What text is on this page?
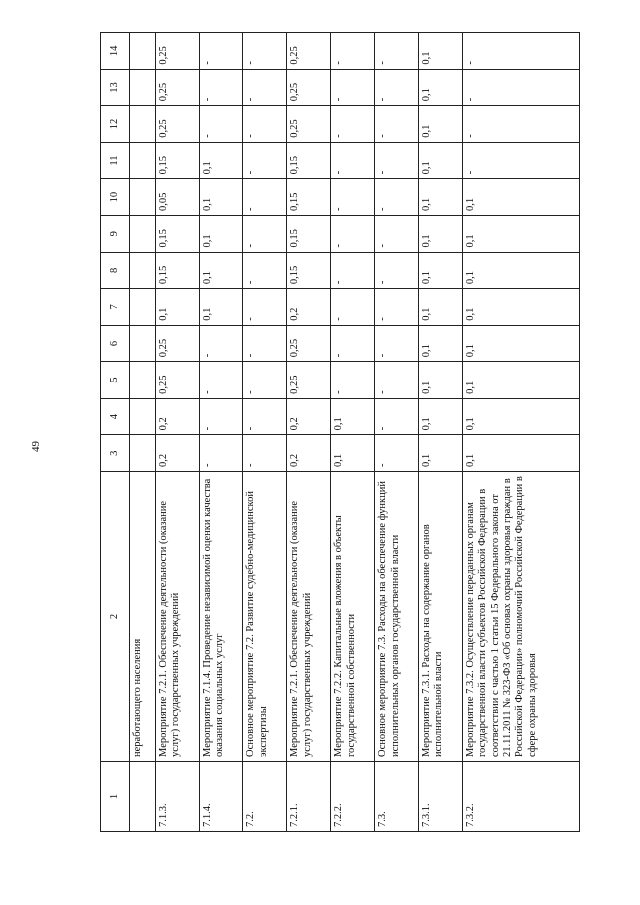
49
1	2	3	4	5	6	7	8	9	10	11	12	13	14
	неработающего населения												
7.1.3.	Мероприятие 7.2.1. Обеспечение деятельности (оказание услуг) государственных учреждений	0,2	0,2	0,25	0,25	0,1	0,15	0,15	0,05	0,15	0,25	0,25	0,25
7.1.4.	Мероприятие 7.1.4. Проведение независимой оценки качества оказания социальных услуг	-	-	-	-	0,1	0,1	0,1	0,1	0,1	-	-	-
7.2.	Основное мероприятие 7.2. Развитие судебно-медицинской экспертизы	-	-	-	-	-	-	-	-	-	-	-	-
7.2.1.	Мероприятие 7.2.1. Обеспечение деятельности (оказание услуг) государственных учреждений	0,2	0,2	0,25	0,25	0,2	0,15	0,15	0,15	0,15	0,25	0,25	0,25
7.2.2.	Мероприятие 7.2.2. Капитальные вложения в объекты государственной собственности	0,1	0,1	-	-	-	-	-	-	-	-	-	-
7.3.	Основное мероприятие 7.3. Расходы на обеспечение функций исполнительных органов государственной власти	-	-	-	-	-	-	-	-	-	-	-	-
7.3.1.	Мероприятие 7.3.1. Расходы на содержание органов исполнительной власти	0,1	0,1	0,1	0,1	0,1	0,1	0,1	0,1	0,1	0,1	0,1	0,1
7.3.2.	Мероприятие 7.3.2. Осуществление переданных органам государственной власти субъектов Российской Федерации в соответствии с частью 1 статьи 15 Федерального закона от 21.11.2011 № 323-ФЗ «Об основах охраны здоровья граждан в Российской Федерации» полномочий Российской Федерации в сфере охраны здоровья	0,1	0,1	0,1	0,1	0,1	0,1	0,1	0,1	-	-	-	-
